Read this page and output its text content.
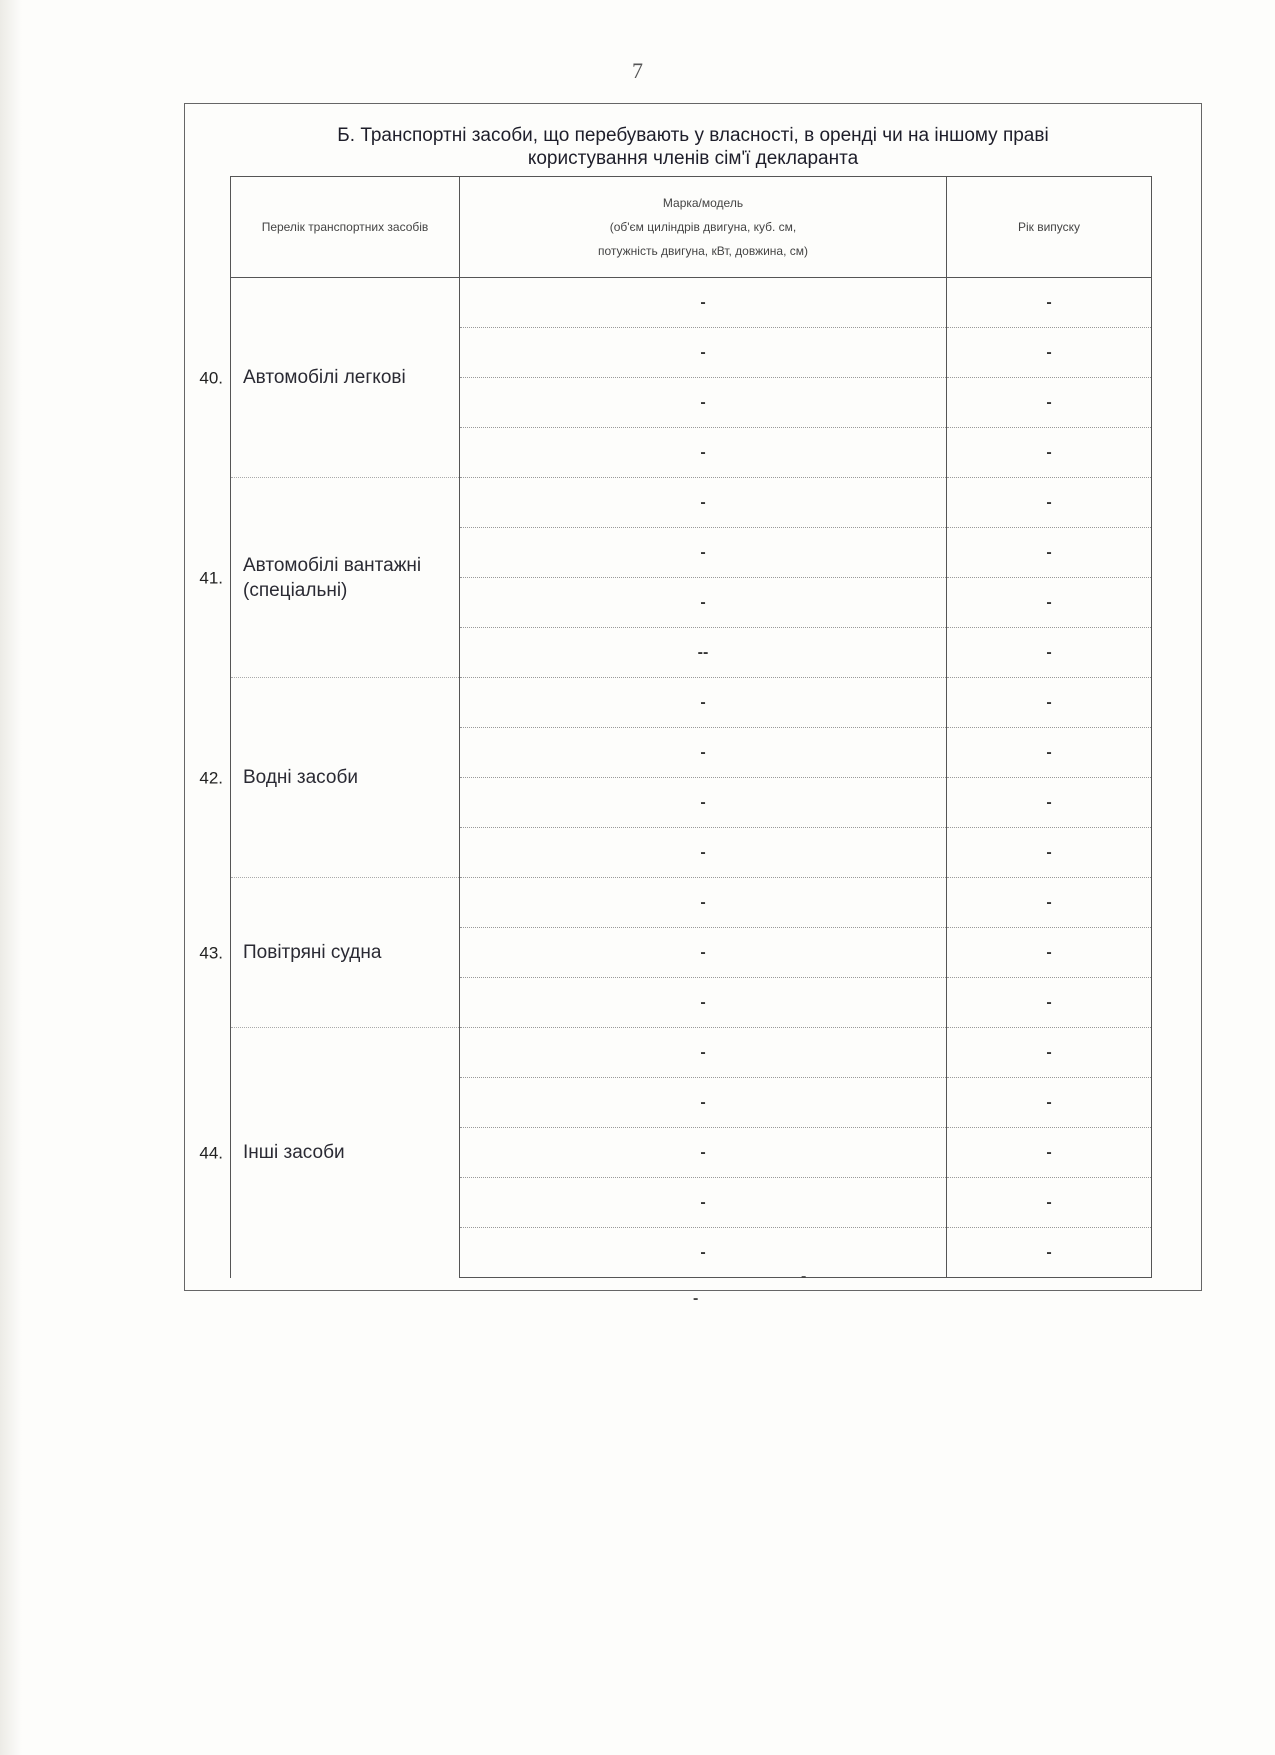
7
Б. Транспортні засоби, що перебувають у власності, в оренді чи на іншому праві
користування членів сім'ї декларанта
Перелік транспортних засобів	Марка/модель
(об'єм циліндрів двигуна, куб. см,
потужність двигуна, кВт, довжина, см)	Рік випуску

40. Автомобілі легкові	-	-
	-	-
	-	-
	-	-

41.
Автомобілі вантажні
(спеціальні)	-	-
	-	-
	-	-
	--	-

42. Водні засоби	-	-
	-	-
	-	-
	-	-

43. Повітряні судна	-	-
	-	-
	-	-

44. Інші засоби	-	-
	-	-
	-	-
	-	-
	-	-
-
-
